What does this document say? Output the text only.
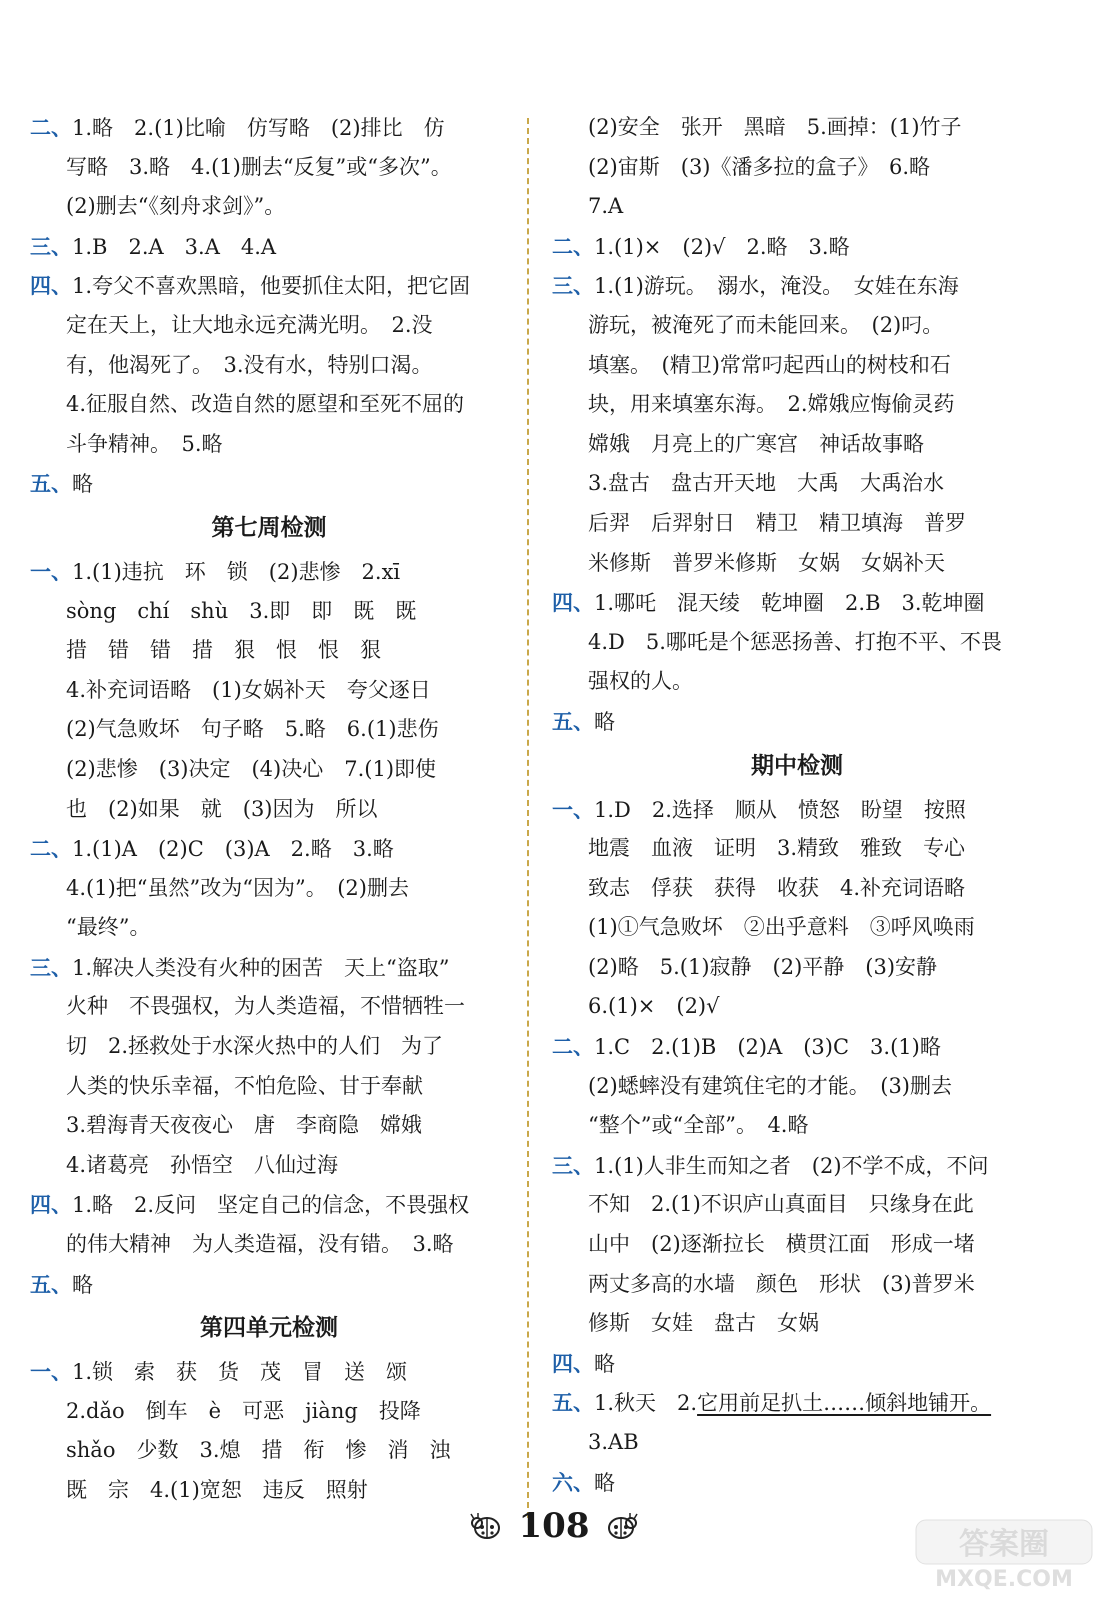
二、1.略　2.(1)比喻　仿写略　(2)排比　仿
写略　3.略　4.(1)删去“反复”或“多次”。
(2)删去“《刻舟求剑》”。
三、1.B　2.A　3.A　4.A
四、1.夸父不喜欢黑暗，他要抓住太阳，把它固
定在天上，让大地永远充满光明。　2.没
有，他渴死了。　3.没有水，特别口渴。
4.征服自然、改造自然的愿望和至死不屈的
斗争精神。　5.略
五、略
第七周检测
一、1.(1)违抗　环　锁　(2)悲惨　2.xī
sòng　chí　shù　3.即　即　既　既
措　错　错　措　狠　恨　恨　狠
4.补充词语略　(1)女娲补天　夸父逐日
(2)气急败坏　句子略　5.略　6.(1)悲伤
(2)悲惨　(3)决定　(4)决心　7.(1)即使
也　(2)如果　就　(3)因为　所以
二、1.(1)A　(2)C　(3)A　2.略　3.略
4.(1)把“虽然”改为“因为”。　(2)删去
“最终”。
三、1.解决人类没有火种的困苦　天上“盗取”
火种　不畏强权，为人类造福，不惜牺牲一
切　2.拯救处于水深火热中的人们　为了
人类的快乐幸福，不怕危险、甘于奉献
3.碧海青天夜夜心　唐　李商隐　嫦娥
4.诸葛亮　孙悟空　八仙过海
四、1.略　2.反问　坚定自己的信念，不畏强权
的伟大精神　为人类造福，没有错。　3.略
五、略
第四单元检测
一、1.锁　索　获　货　茂　冒　送　颂
2.dǎo　倒车　è　可恶　jiàng　投降
shǎo　少数　3.熄　措　衔　惨　消　浊
既　宗　4.(1)宽恕　违反　照射
(2)安全　张开　黑暗　5.画掉：(1)竹子
(2)宙斯　(3)《潘多拉的盒子》　6.略
7.A
二、1.(1)×　(2)√　2.略　3.略
三、1.(1)游玩。　溺水，淹没。　女娃在东海
游玩，被淹死了而未能回来。　(2)叼。
填塞。　(精卫)常常叼起西山的树枝和石
块，用来填塞东海。　2.嫦娥应悔偷灵药
嫦娥　月亮上的广寒宫　神话故事略
3.盘古　盘古开天地　大禹　大禹治水
后羿　后羿射日　精卫　精卫填海　普罗
米修斯　普罗米修斯　女娲　女娲补天
四、1.哪吒　混天绫　乾坤圈　2.B　3.乾坤圈
4.D　5.哪吒是个惩恶扬善、打抱不平、不畏
强权的人。
五、略
期中检测
一、1.D　2.选择　顺从　愤怒　盼望　按照
地震　血液　证明　3.精致　雅致　专心
致志　俘获　获得　收获　4.补充词语略
(1)①气急败坏　②出乎意料　③呼风唤雨
(2)略　5.(1)寂静　(2)平静　(3)安静
6.(1)×　(2)√
二、1.C　2.(1)B　(2)A　(3)C　3.(1)略
(2)蟋蟀没有建筑住宅的才能。　(3)删去
“整个”或“全部”。　4.略
三、1.(1)人非生而知之者　(2)不学不成，不问
不知　2.(1)不识庐山真面目　只缘身在此
山中　(2)逐渐拉长　横贯江面　形成一堵
两丈多高的水墙　颜色　形状　(3)普罗米
修斯　女娃　盘古　女娲
四、略
五、1.秋天　2.它用前足扒土……倾斜地铺开。
3.AB
六、略
108	答案圈
MXQE.COM
